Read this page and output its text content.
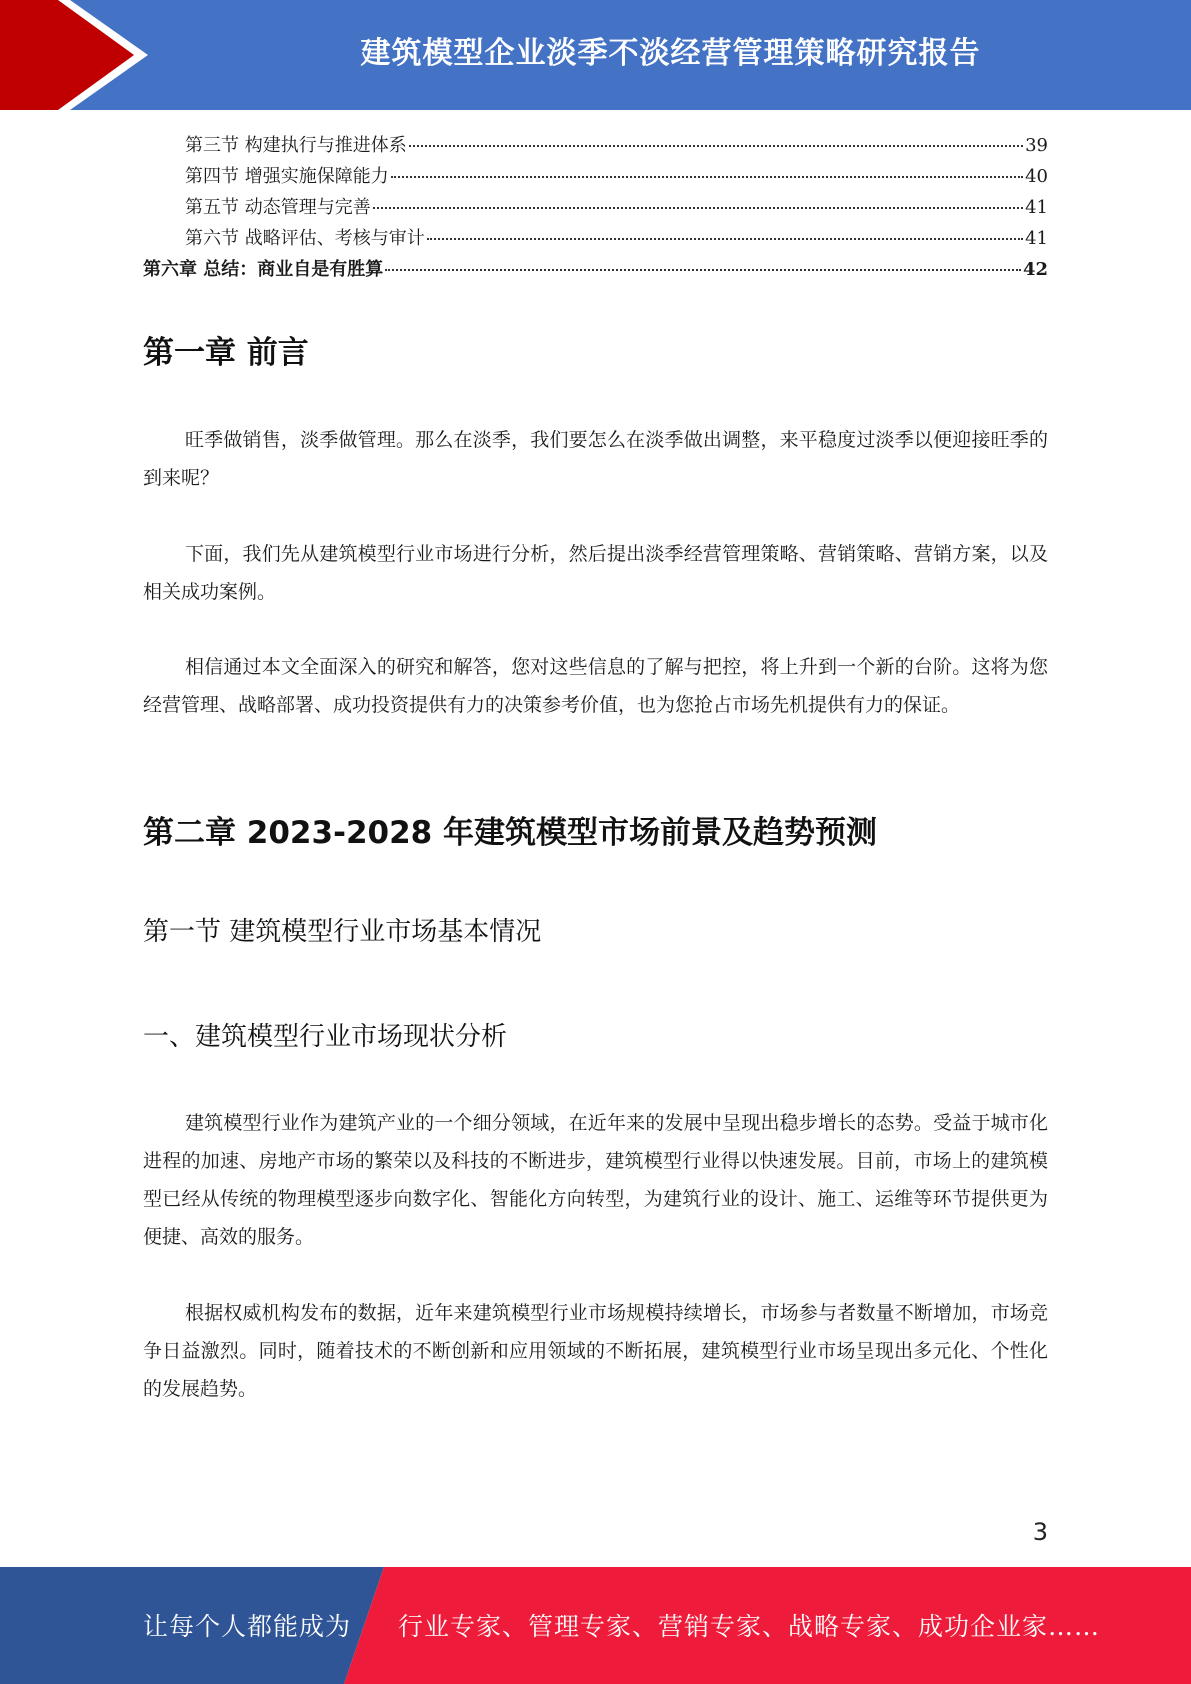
建筑模型企业淡季不淡经营管理策略研究报告
第三节 构建执行与推进体系	39
第四节 增强实施保障能力	40
第五节 动态管理与完善	41
第六节 战略评估、考核与审计	41
第六章 总结：商业自是有胜算	42
第一章 前言

旺季做销售，淡季做管理。那么在淡季，我们要怎么在淡季做出调整，来平稳度过淡季以便迎接旺季的到来呢？

下面，我们先从建筑模型行业市场进行分析，然后提出淡季经营管理策略、营销策略、营销方案，以及相关成功案例。

相信通过本文全面深入的研究和解答，您对这些信息的了解与把控，将上升到一个新的台阶。这将为您经营管理、战略部署、成功投资提供有力的决策参考价值，也为您抢占市场先机提供有力的保证。

第二章 2023-2028 年建筑模型市场前景及趋势预测
第一节 建筑模型行业市场基本情况
一、建筑模型行业市场现状分析

建筑模型行业作为建筑产业的一个细分领域，在近年来的发展中呈现出稳步增长的态势。受益于城市化进程的加速、房地产市场的繁荣以及科技的不断进步，建筑模型行业得以快速发展。目前，市场上的建筑模型已经从传统的物理模型逐步向数字化、智能化方向转型，为建筑行业的设计、施工、运维等环节提供更为便捷、高效的服务。

根据权威机构发布的数据，近年来建筑模型行业市场规模持续增长，市场参与者数量不断增加，市场竞争日益激烈。同时，随着技术的不断创新和应用领域的不断拓展，建筑模型行业市场呈现出多元化、个性化的发展趋势。

3
让每个人都能成为 行业专家、管理专家、营销专家、战略专家、成功企业家……
